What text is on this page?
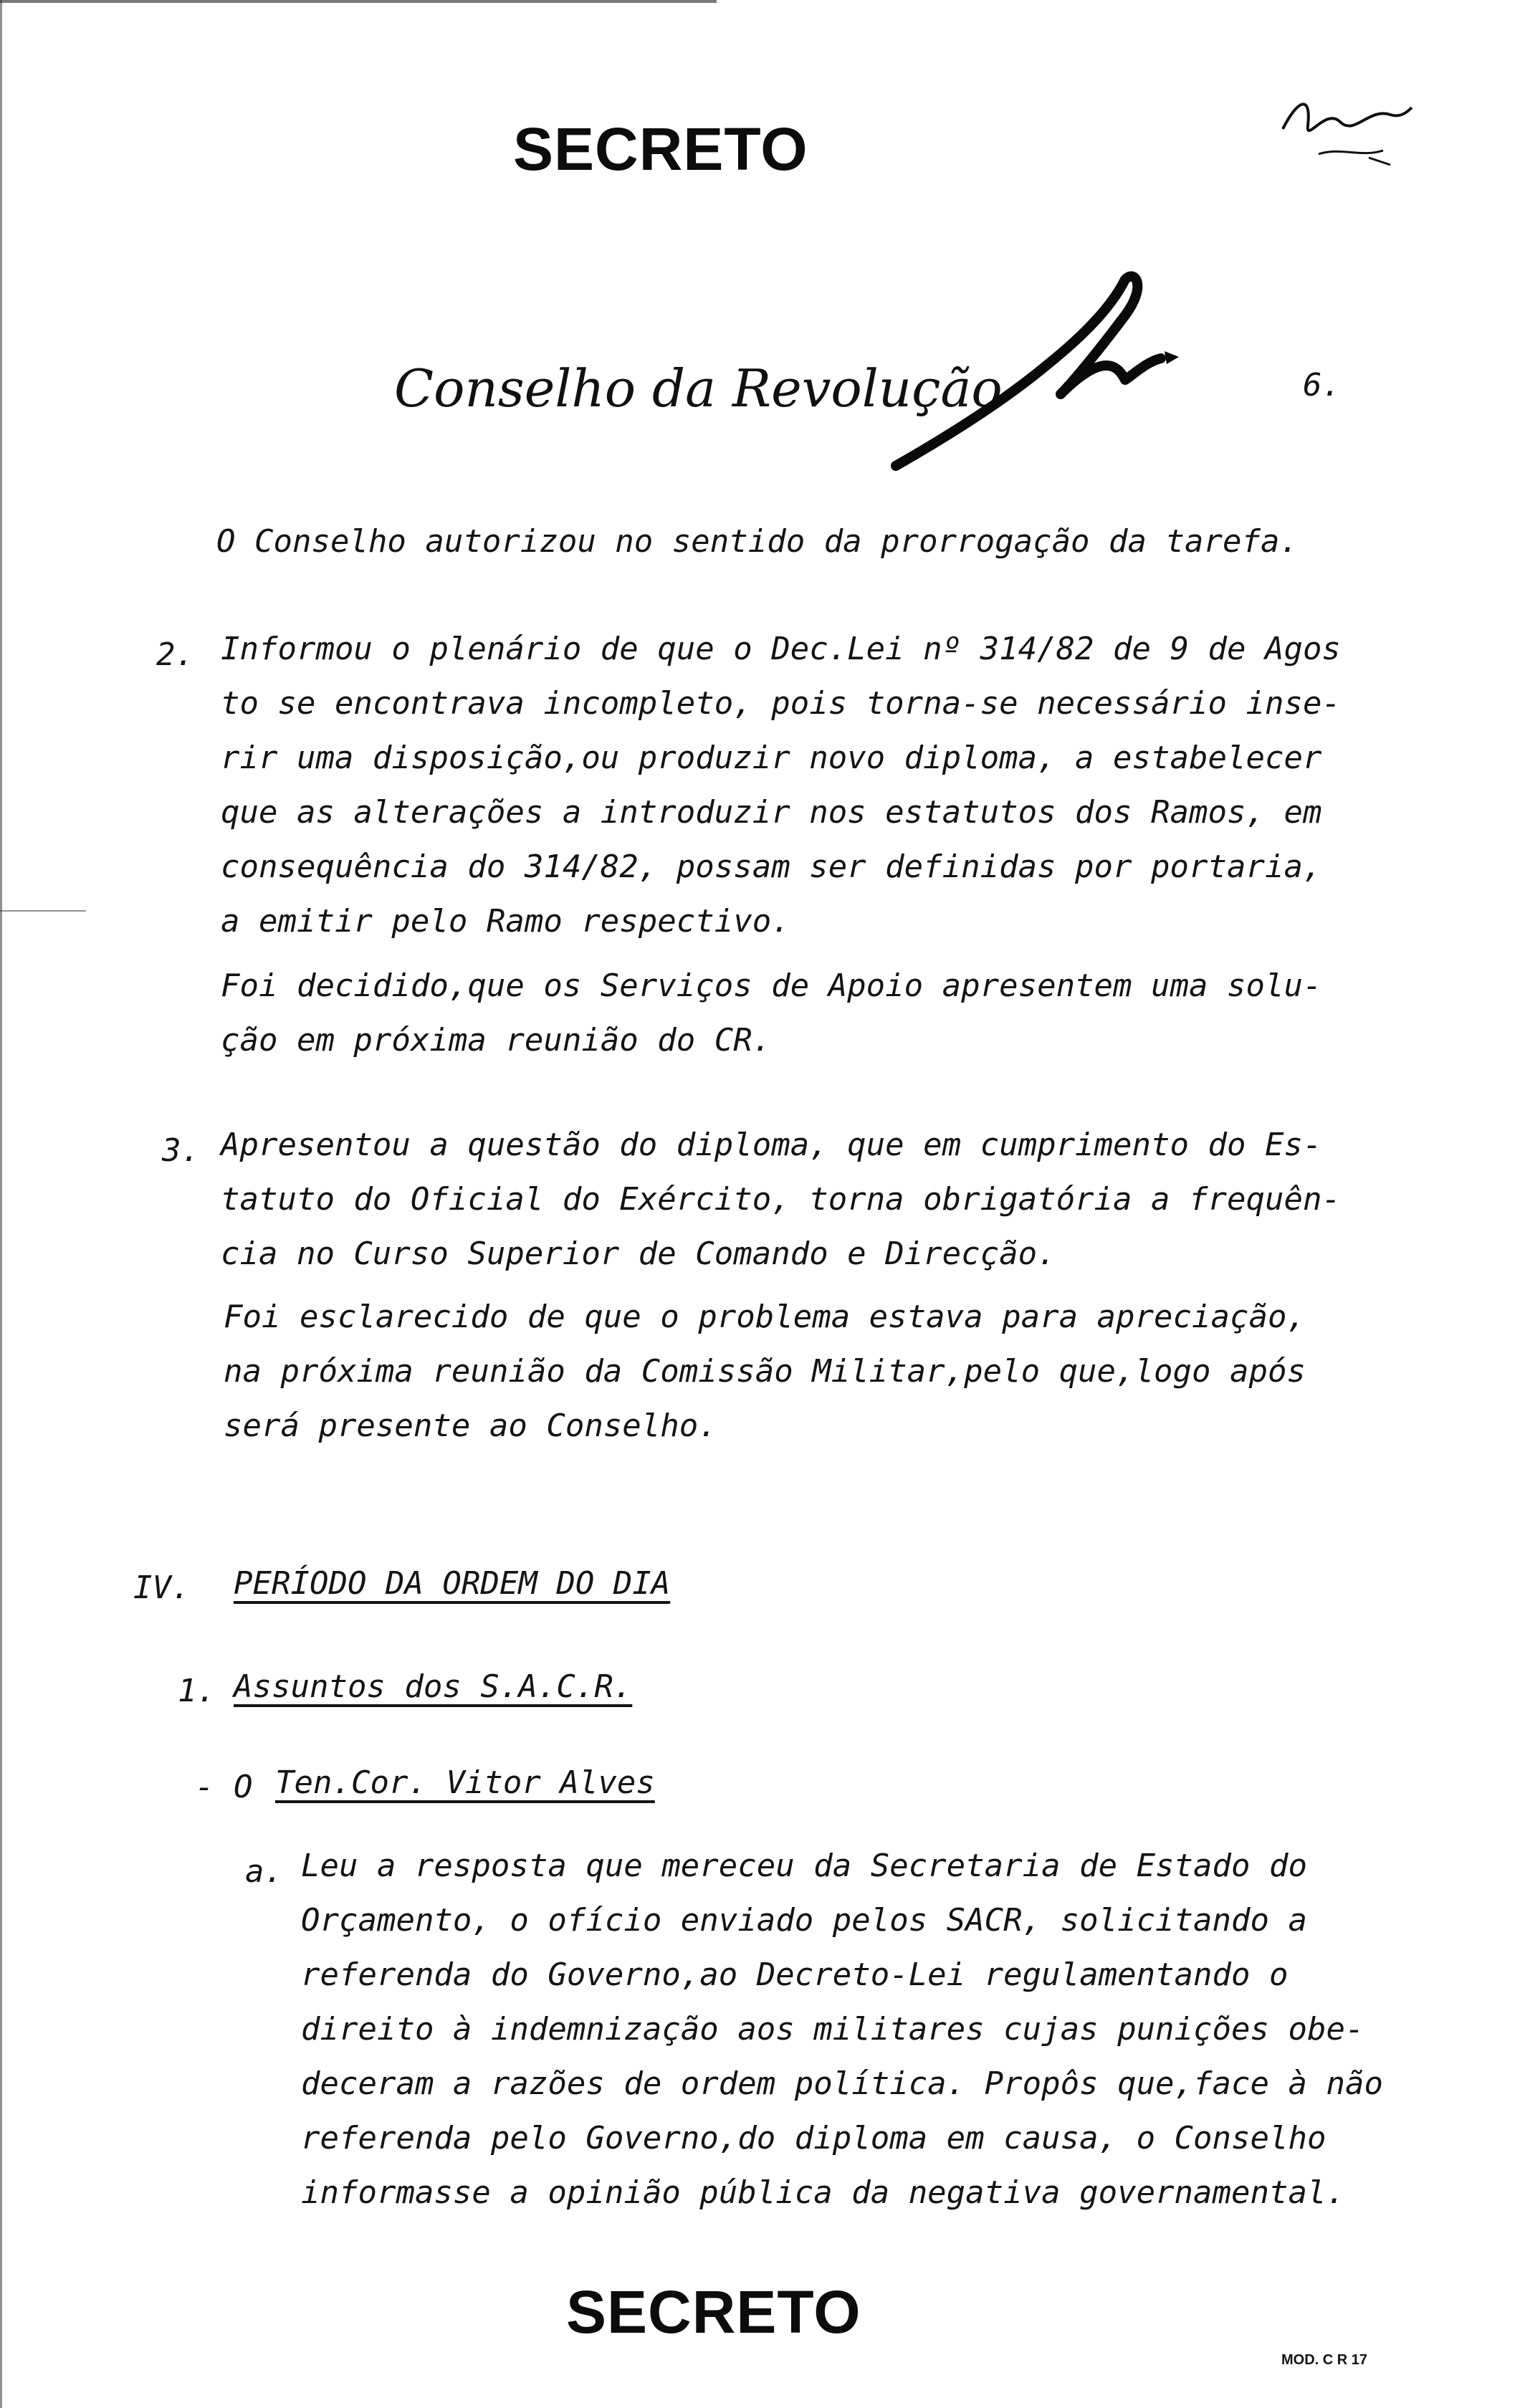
SECRETO
Conselho da Revolução	6.
O Conselho autorizou no sentido da prorrogação da tarefa.
2. Informou o plenário de que o Dec.Lei nº 314/82 de 9 de Agos
to se encontrava incompleto, pois torna-se necessário inse-
rir uma disposição,ou produzir novo diploma, a estabelecer
que as alterações a introduzir nos estatutos dos Ramos, em
consequência do 314/82, possam ser definidas por portaria,
a emitir pelo Ramo respectivo.
Foi decidido,que os Serviços de Apoio apresentem uma solu-
ção em próxima reunião do CR.
3. Apresentou a questão do diploma, que em cumprimento do Es-
tatuto do Oficial do Exército, torna obrigatória a frequên-
cia no Curso Superior de Comando e Direcção.
Foi esclarecido de que o problema estava para apreciação,
na próxima reunião da Comissão Militar,pelo que,logo após
será presente ao Conselho.
IV. PERÍODO DA ORDEM DO DIA
1. Assuntos dos S.A.C.R.
- O Ten.Cor. Vitor Alves
a. Leu a resposta que mereceu da Secretaria de Estado do
Orçamento, o ofício enviado pelos SACR, solicitando a
referenda do Governo,ao Decreto-Lei regulamentando o
direito à indemnização aos militares cujas punições obe-
deceram a razões de ordem política. Propôs que,face à não
referenda pelo Governo,do diploma em causa, o Conselho
informasse a opinião pública da negativa governamental.
SECRETO
MOD. C R 17
